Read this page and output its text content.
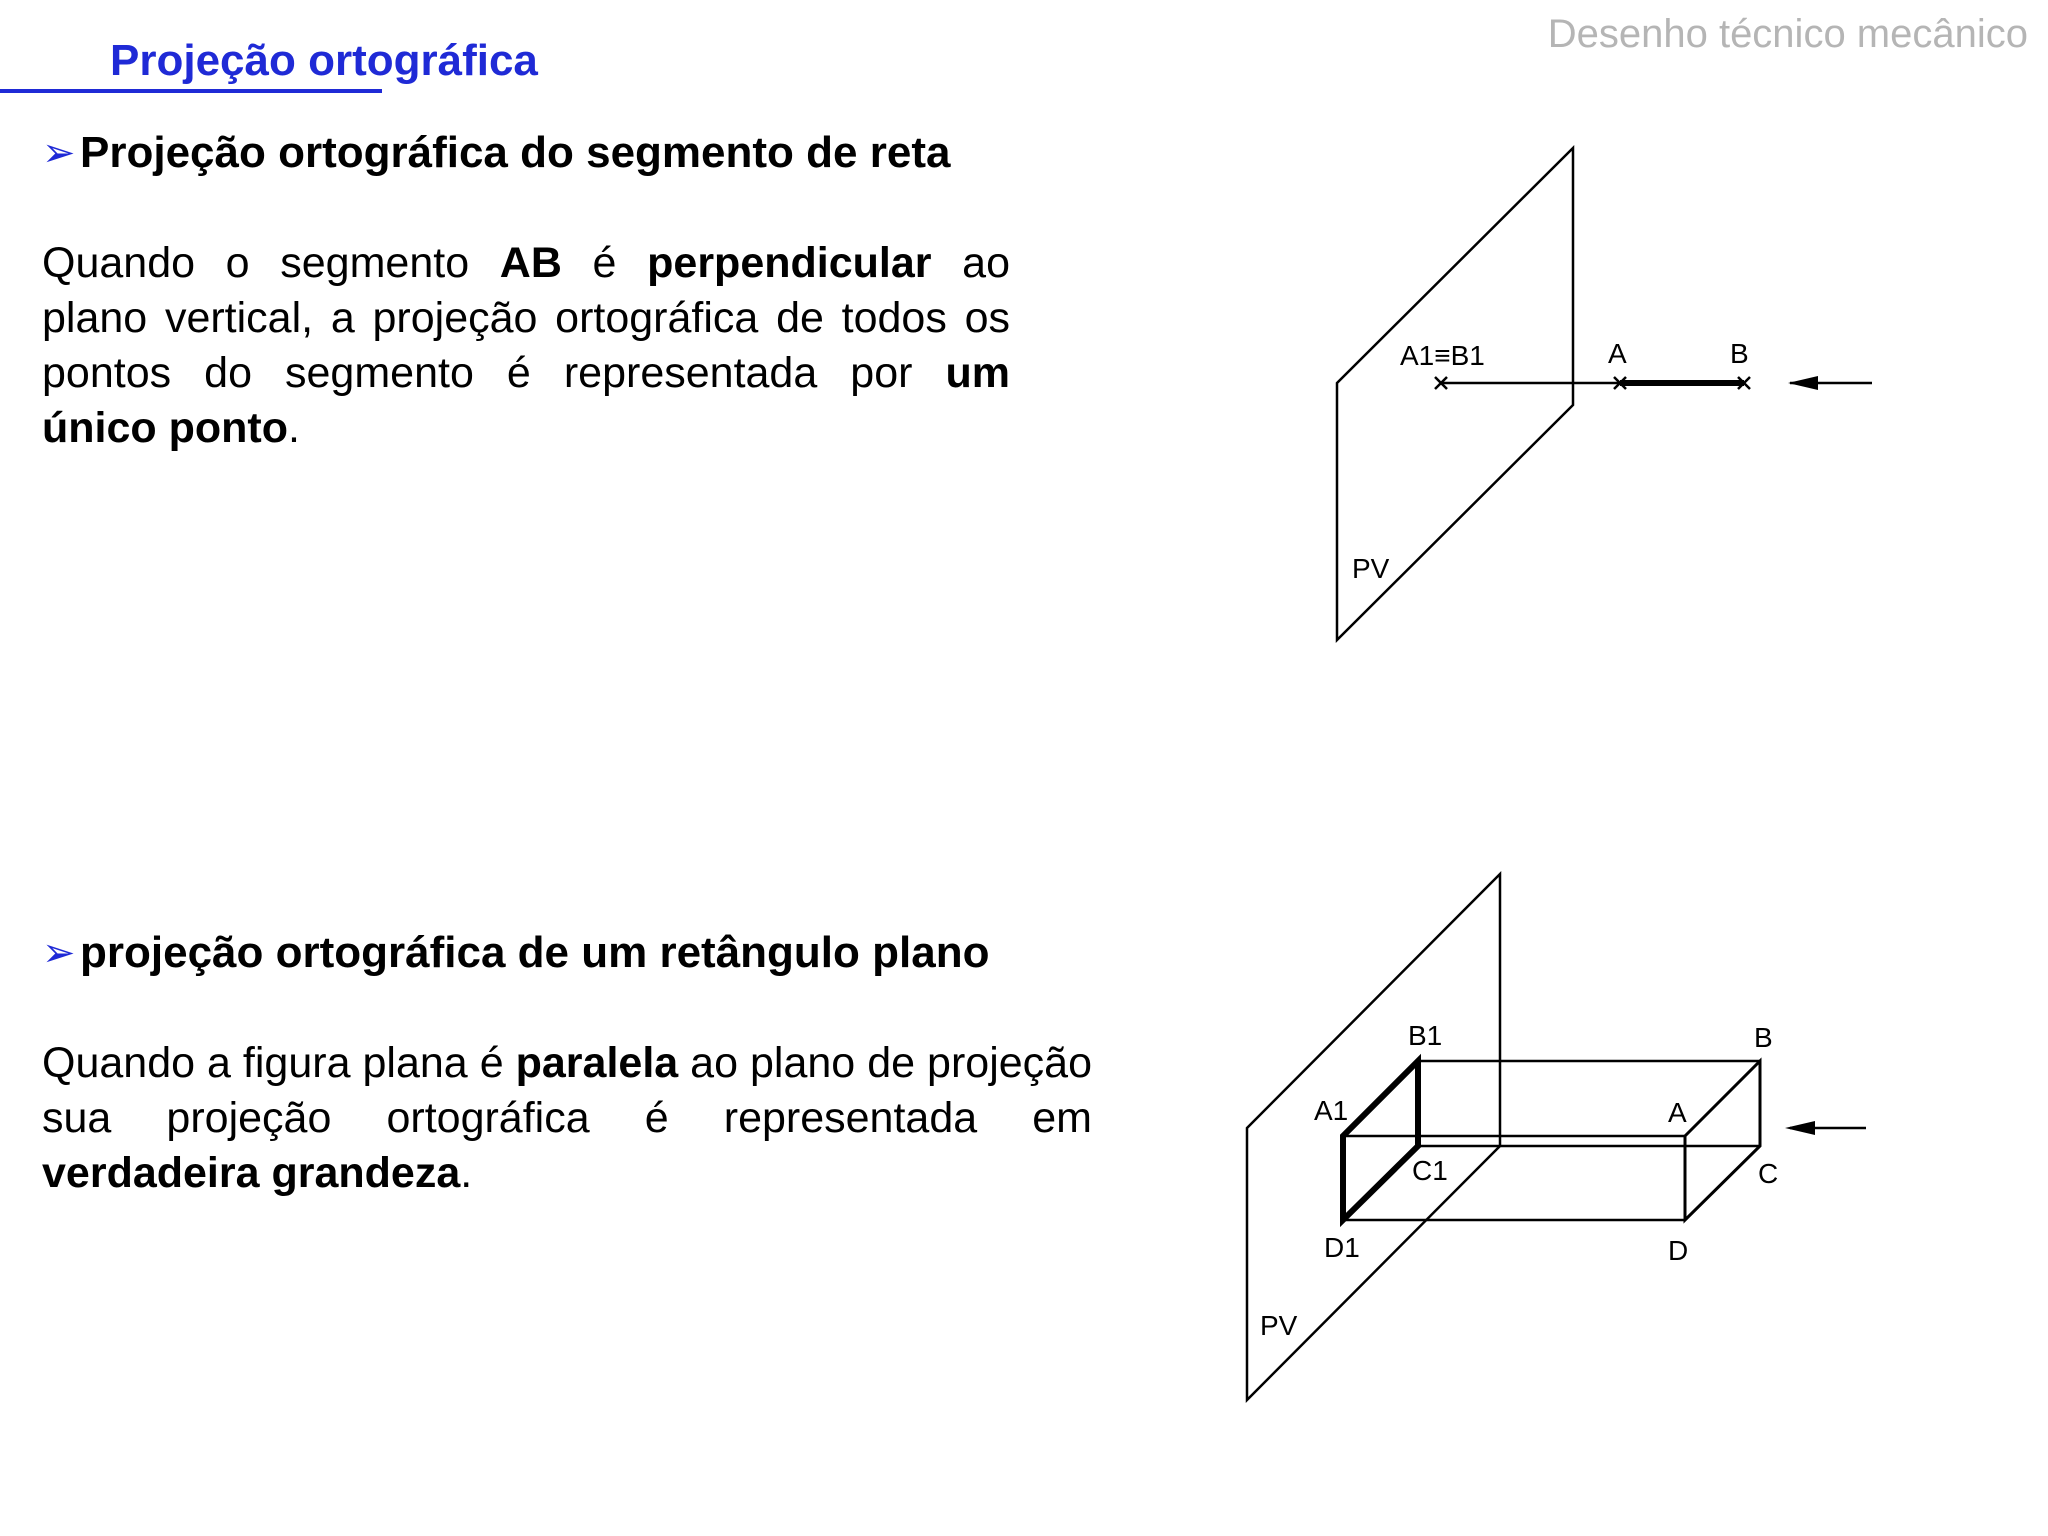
Desenho técnico mecânico
Projeção ortográfica
➢ Projeção ortográfica do segmento de reta
Quando o segmento AB é perpendicular ao plano vertical, a projeção ortográfica de todos os pontos do segmento é representada por um único ponto.
A1≡B1	A	B
PV
➢ projeção ortográfica de um retângulo plano
Quando a figura plana é paralela ao plano de projeção sua projeção ortográfica é representada em verdadeira grandeza.
A1
B1
C1
D1
A
B
C
D
PV
